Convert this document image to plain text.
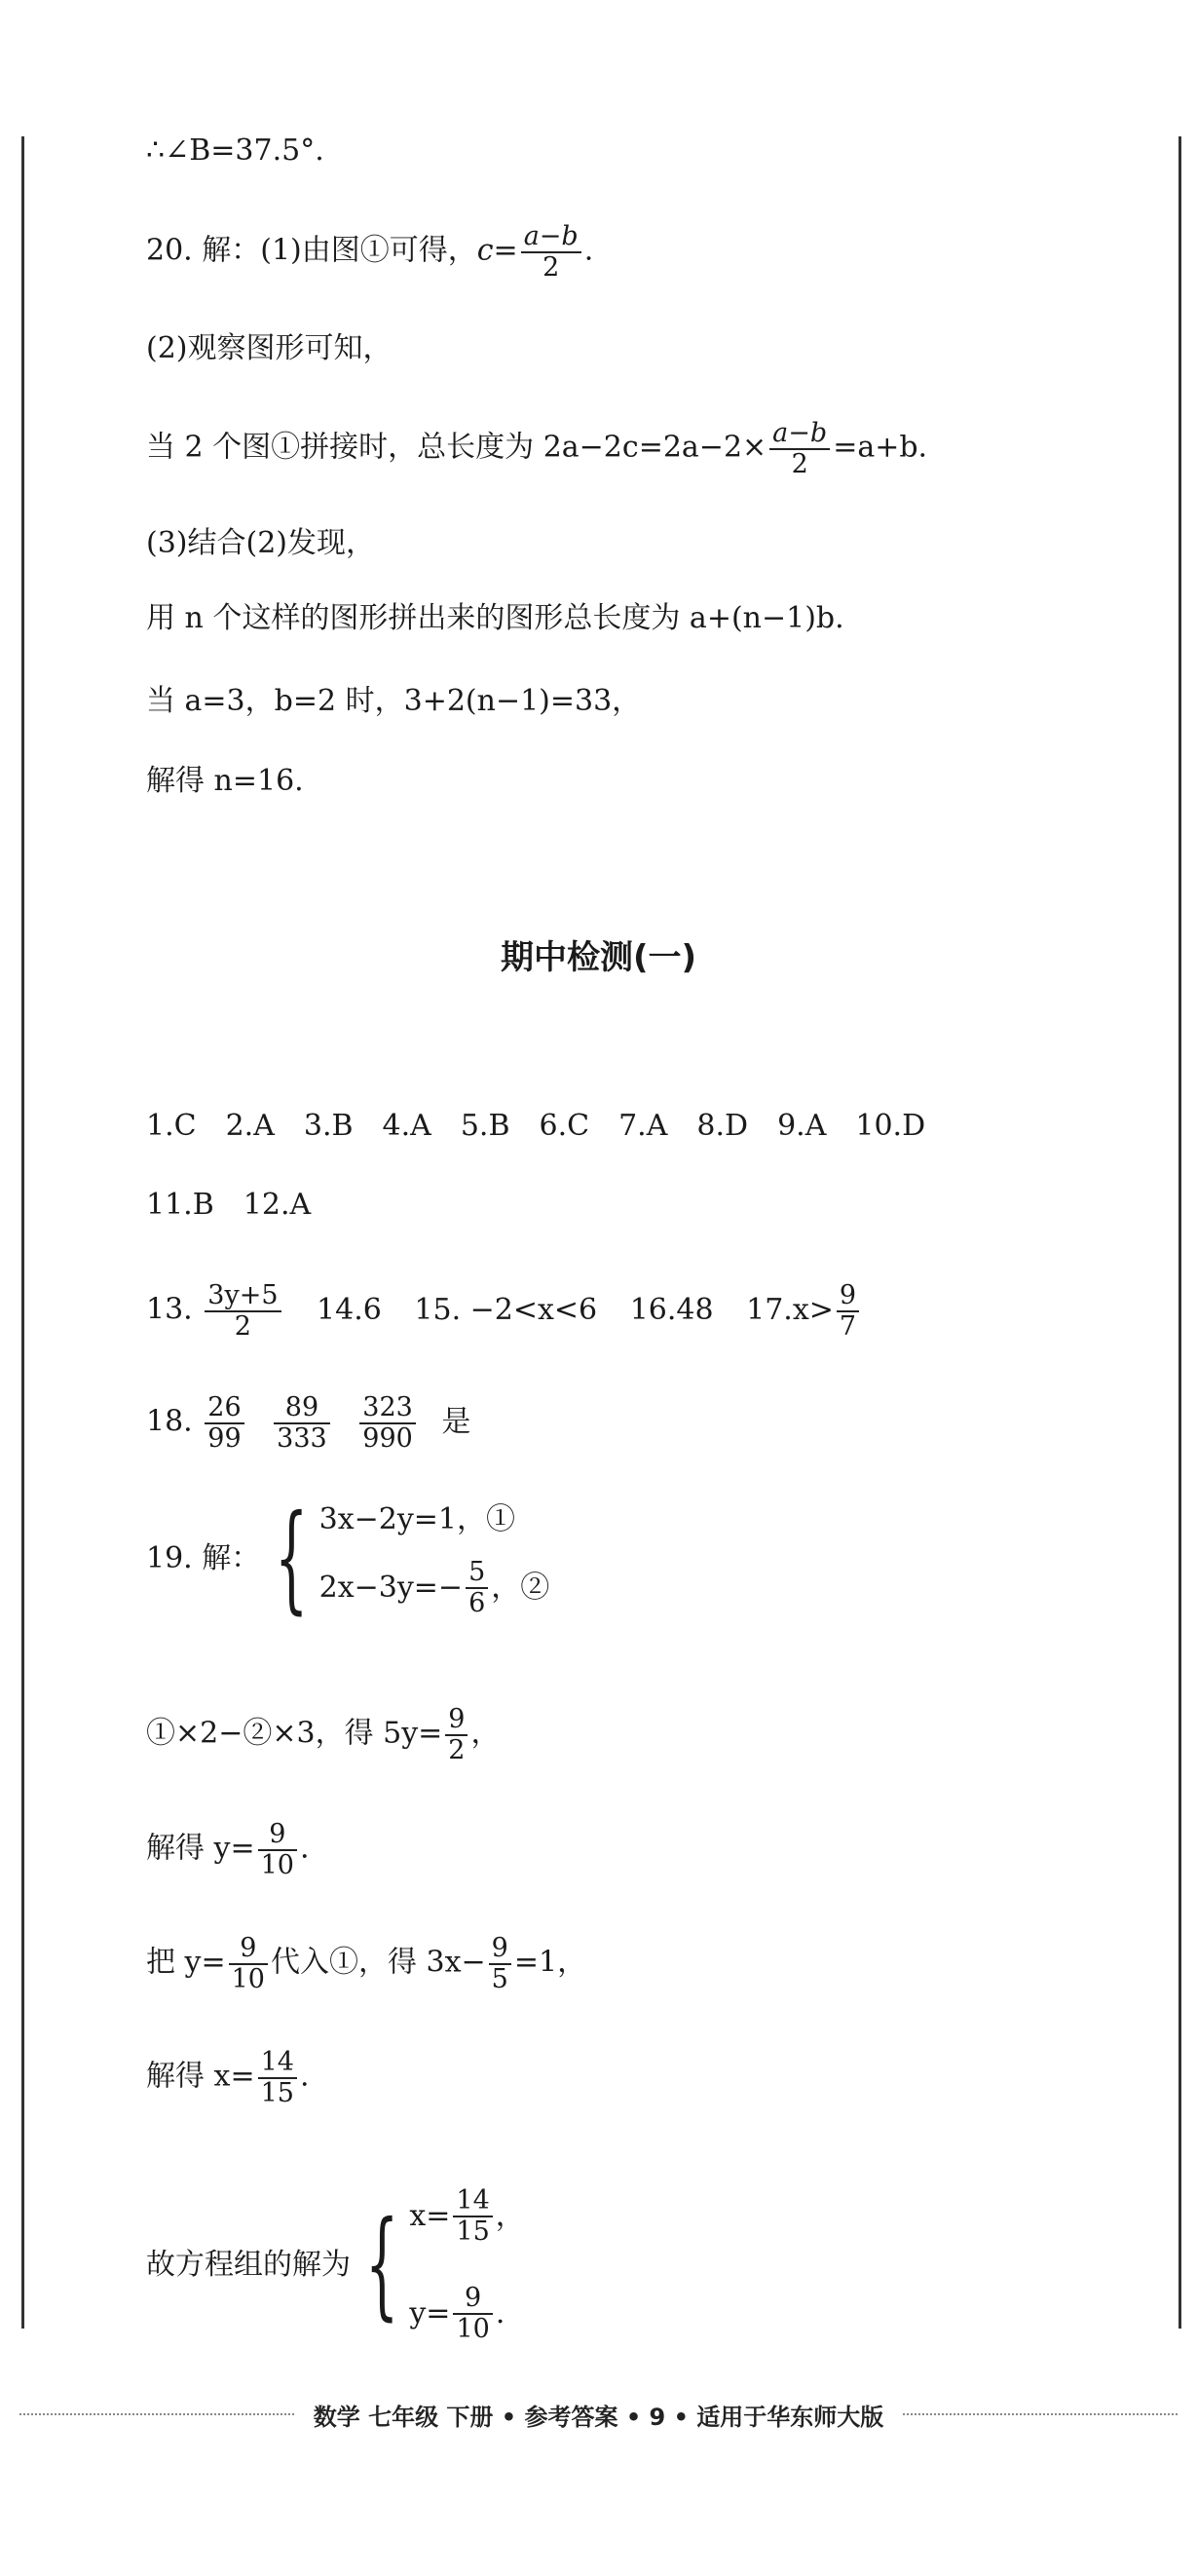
∴∠B=37.5°.
20. 解：(1)由图①可得，$c= \frac{a-b}{2}$ .
(2)观察图形可知，
当 2 个图①拼接时，总长度为 $2a-2c=2a-2\times \frac{a-b}{2} =a+b$.
(3)结合(2)发现，
用 n 个这样的图形拼出来的图形总长度为 a+(n−1)b.
当 a=3，b=2 时，3+2(n−1)=33，
解得 n=16.
期中检测(一)
1.C 2.A 3.B 4.A 5.B 6.C 7.A 8.D 9.A 10.D
11.B 12.A
13. $\frac{3y+5}{2} 14.6$ 15. −2<x<6 16.48 $17.x> \frac{9}{7}$
18. $\frac{26}{99}$
$\frac{89}{333}$
$\frac{323}{990}$ 是
19. 解： { 3x−2y=1，①
$2x-3y=- \frac{5}{6}$ ，②
①×2−②×3，得 $5y= \frac{9}{2}$ ，
解得 $y= \frac{9}{10}$ .
把 $y= \frac{9}{10}$ 代入①，得 $3x- \frac{9}{5} =1$，
解得 $x= \frac{14}{15}$ .
故方程组的解为 { $x= \frac{14}{15}$ ，
$y= \frac{9}{10}$ .
数学 七年级 下册 • 参考答案 • 9 • 适用于华东师大版
